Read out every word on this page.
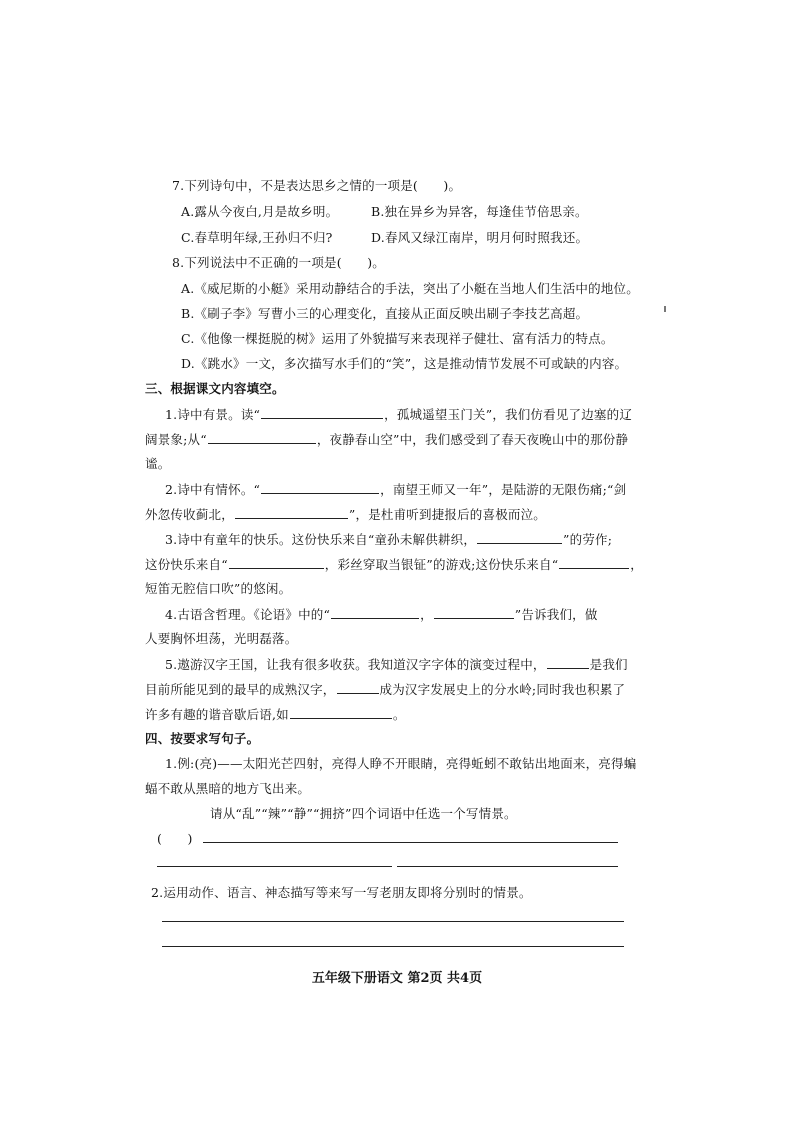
7.下列诗句中，不是表达思乡之情的一项是(　　)。
A.露从今夜白,月是故乡明。	B.独在异乡为异客，每逢佳节倍思亲。
C.春草明年绿,王孙归不归?	D.春风又绿江南岸，明月何时照我还。
8.下列说法中不正确的一项是(　　)。
A.《威尼斯的小艇》采用动静结合的手法，突出了小艇在当地人们生活中的地位。
B.《刷子李》写曹小三的心理变化，直接从正面反映出刷子李技艺高超。
C.《他像一棵挺脱的树》运用了外貌描写来表现祥子健壮、富有活力的特点。
D.《跳水》一文，多次描写水手们的“笑”，这是推动情节发展不可或缺的内容。
三、根据课文内容填空。
1.诗中有景。读“	，孤城遥望玉门关”，我们仿看见了边塞的辽
阔景象;从“	，夜静春山空”中，我们感受到了春天夜晚山中的那份静
谧。
2.诗中有情怀。“	，南望王师又一年”，是陆游的无限伤痛;“剑
外忽传收蓟北，	”，是杜甫听到捷报后的喜极而泣。
3.诗中有童年的快乐。这份快乐来自“童孙未解供耕织，	”的劳作;
这份快乐来自“	，彩丝穿取当银钲”的游戏;这份快乐来自“	，
短笛无腔信口吹”的悠闲。
4.古语含哲理。《论语》中的“	，	”告诉我们，做
人要胸怀坦荡，光明磊落。
5.遨游汉字王国，让我有很多收获。我知道汉字字体的演变过程中，	是我们
目前所能见到的最早的成熟汉字，	成为汉字发展史上的分水岭;同时我也积累了
许多有趣的谐音歇后语,如	。
四、按要求写句子。
1.例:(亮)——太阳光芒四射，亮得人睁不开眼睛，亮得蚯蚓不敢钻出地面来，亮得蝙
蝠不敢从黑暗的地方飞出来。
请从“乱”“辣”“静”“拥挤”四个词语中任选一个写情景。
(　　)
2.运用动作、语言、神态描写等来写一写老朋友即将分别时的情景。
五年级下册语文 第2页 共4页
